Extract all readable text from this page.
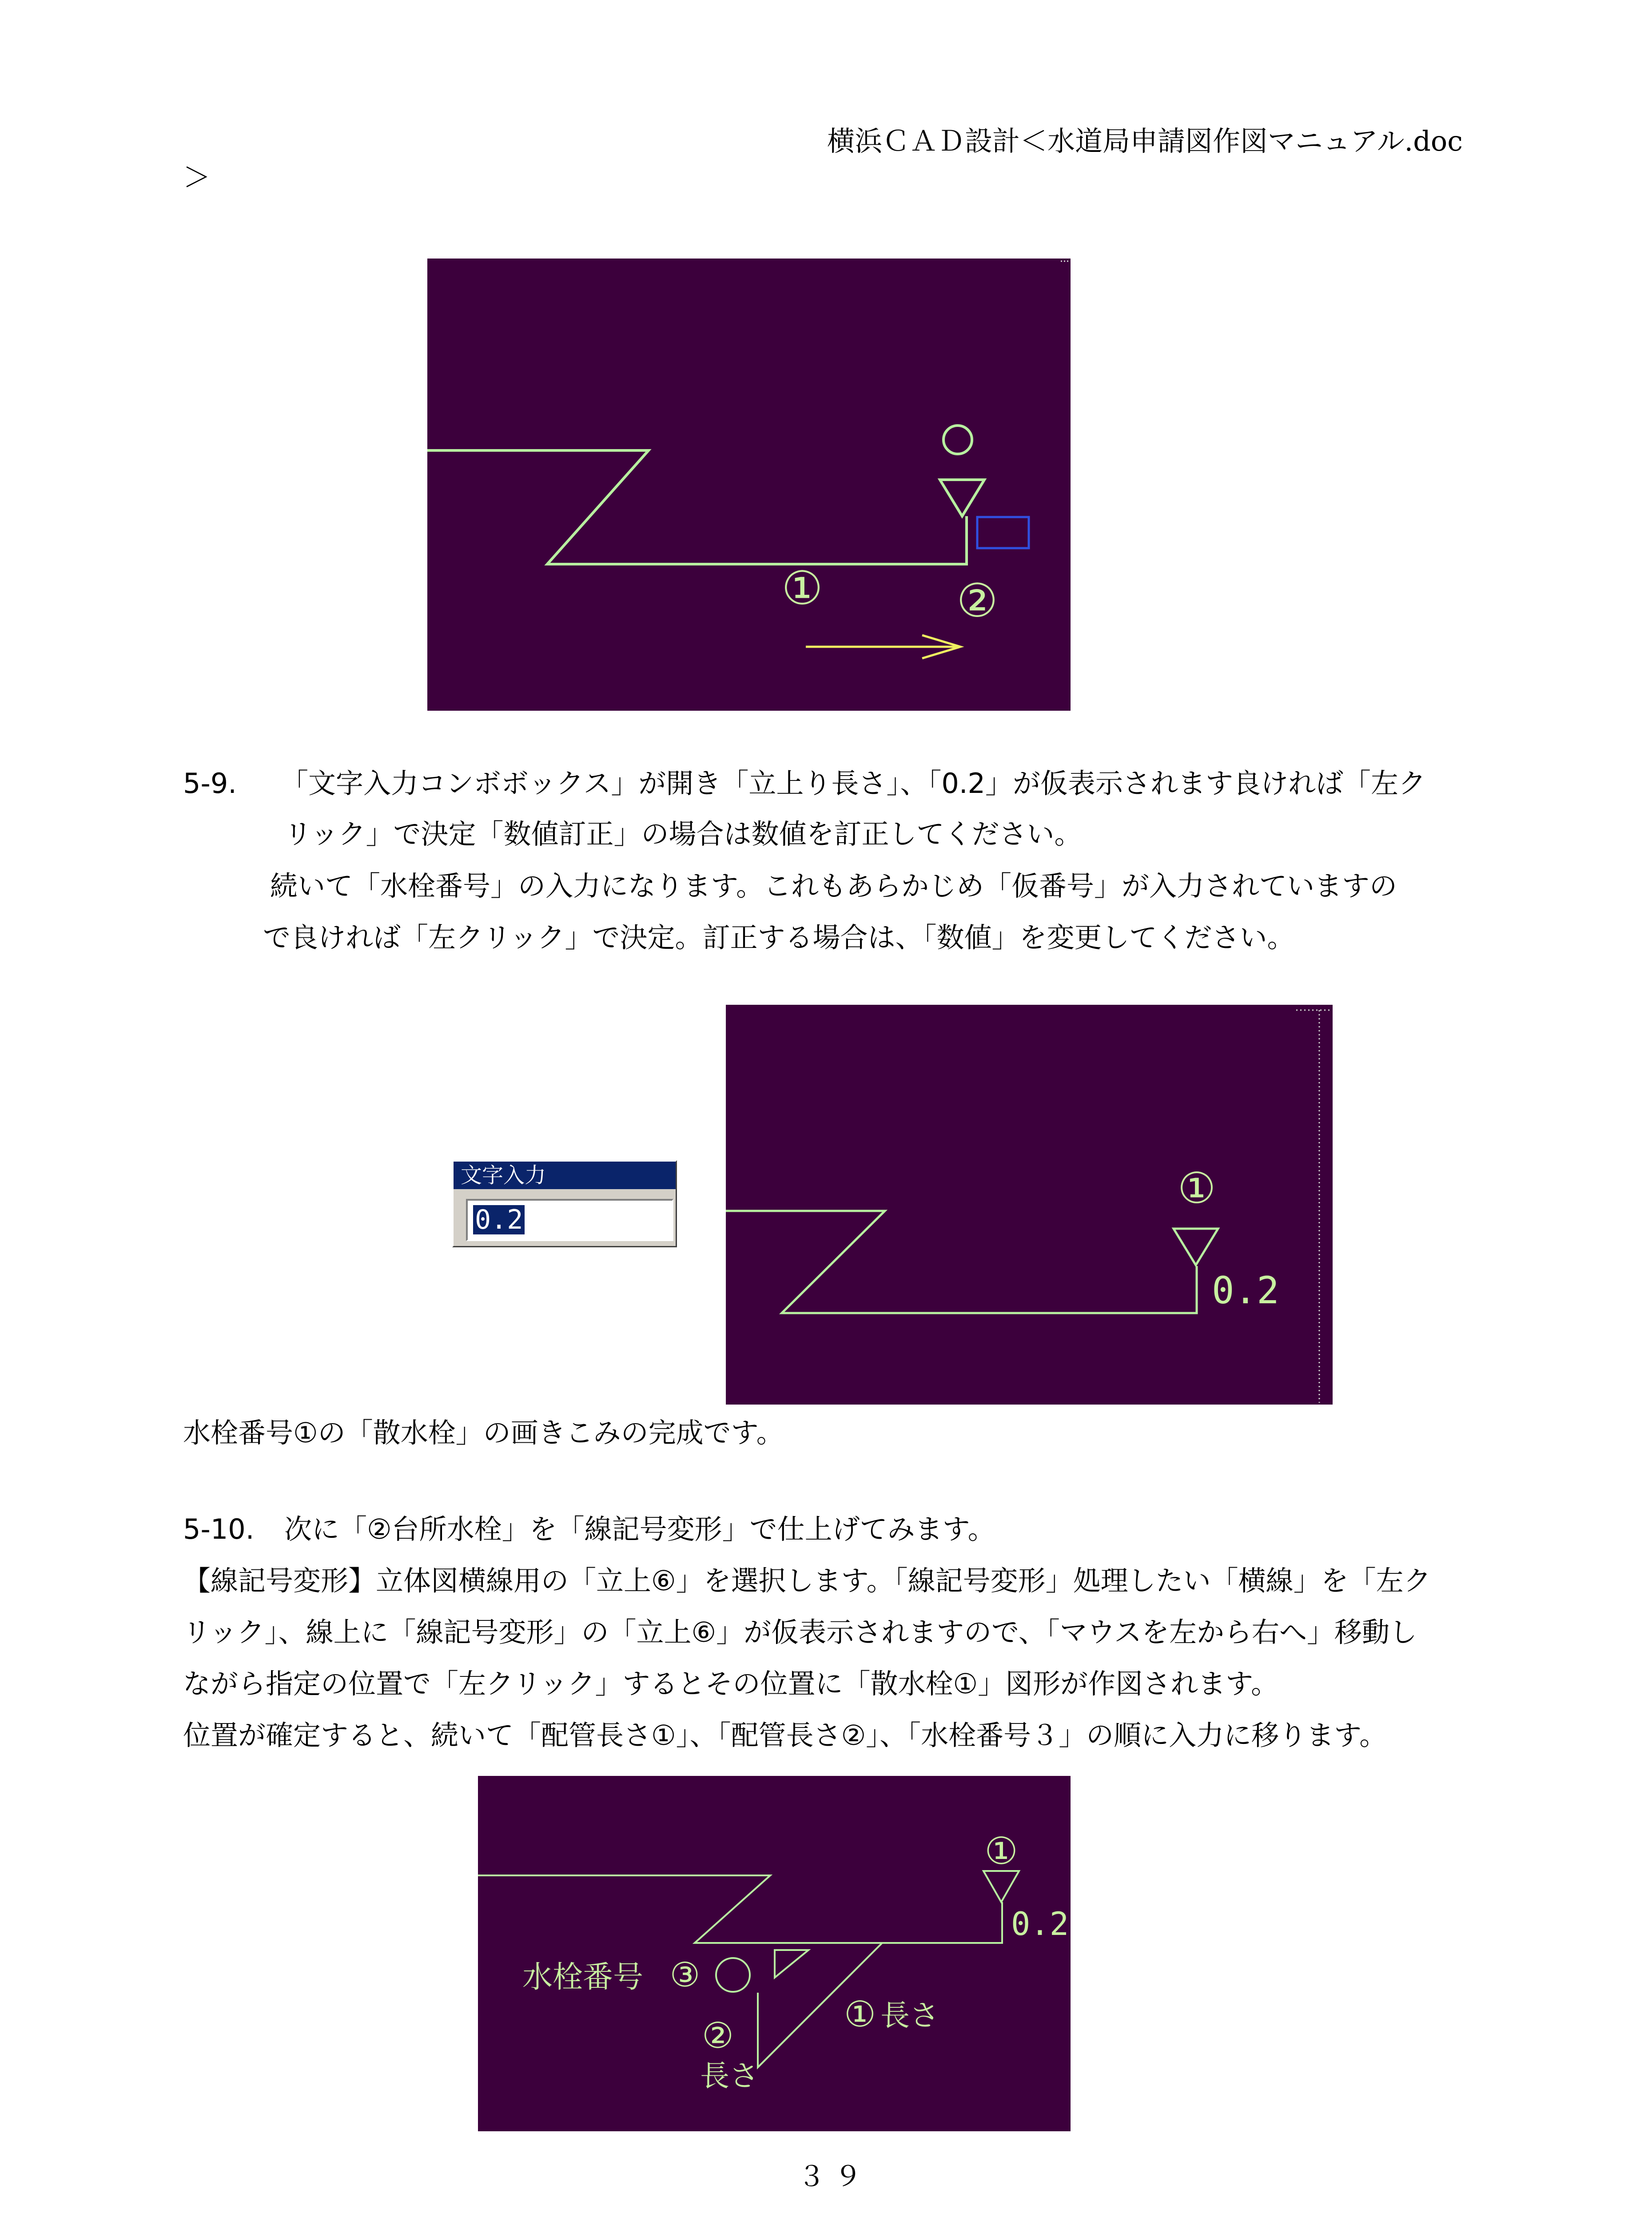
横浜ＣＡＤ設計＜水道局申請図作図マニュアル.doc
＞
①	②
5-9. 「文字入力コンボボックス」が開き「立上り長さ」、「0.2」が仮表示されます良ければ「左ク
リック」で決定「数値訂正」の場合は数値を訂正してください。
続いて「水栓番号」の入力になります。これもあらかじめ「仮番号」が入力されていますの
で良ければ「左クリック」で決定。訂正する場合は、「数値」を変更してください。
文字入力
0.2
①
0.2
水栓番号①の「散水栓」の画きこみの完成です。
5-10. 次に「②台所水栓」を「線記号変形」で仕上げてみます。
【線記号変形】立体図横線用の「立上⑥」を選択します。「線記号変形」処理したい「横線」を「左ク
リック」、線上に「線記号変形」の「立上⑥」が仮表示されますので、「マウスを左から右へ」移動し
ながら指定の位置で「左クリック」するとその位置に「散水栓①」図形が作図されます。
位置が確定すると、続いて「配管長さ①」、「配管長さ②」、「水栓番号３」の順に入力に移ります。
①
0.2
水栓番号 ③
① 長さ
②
長さ
３９
